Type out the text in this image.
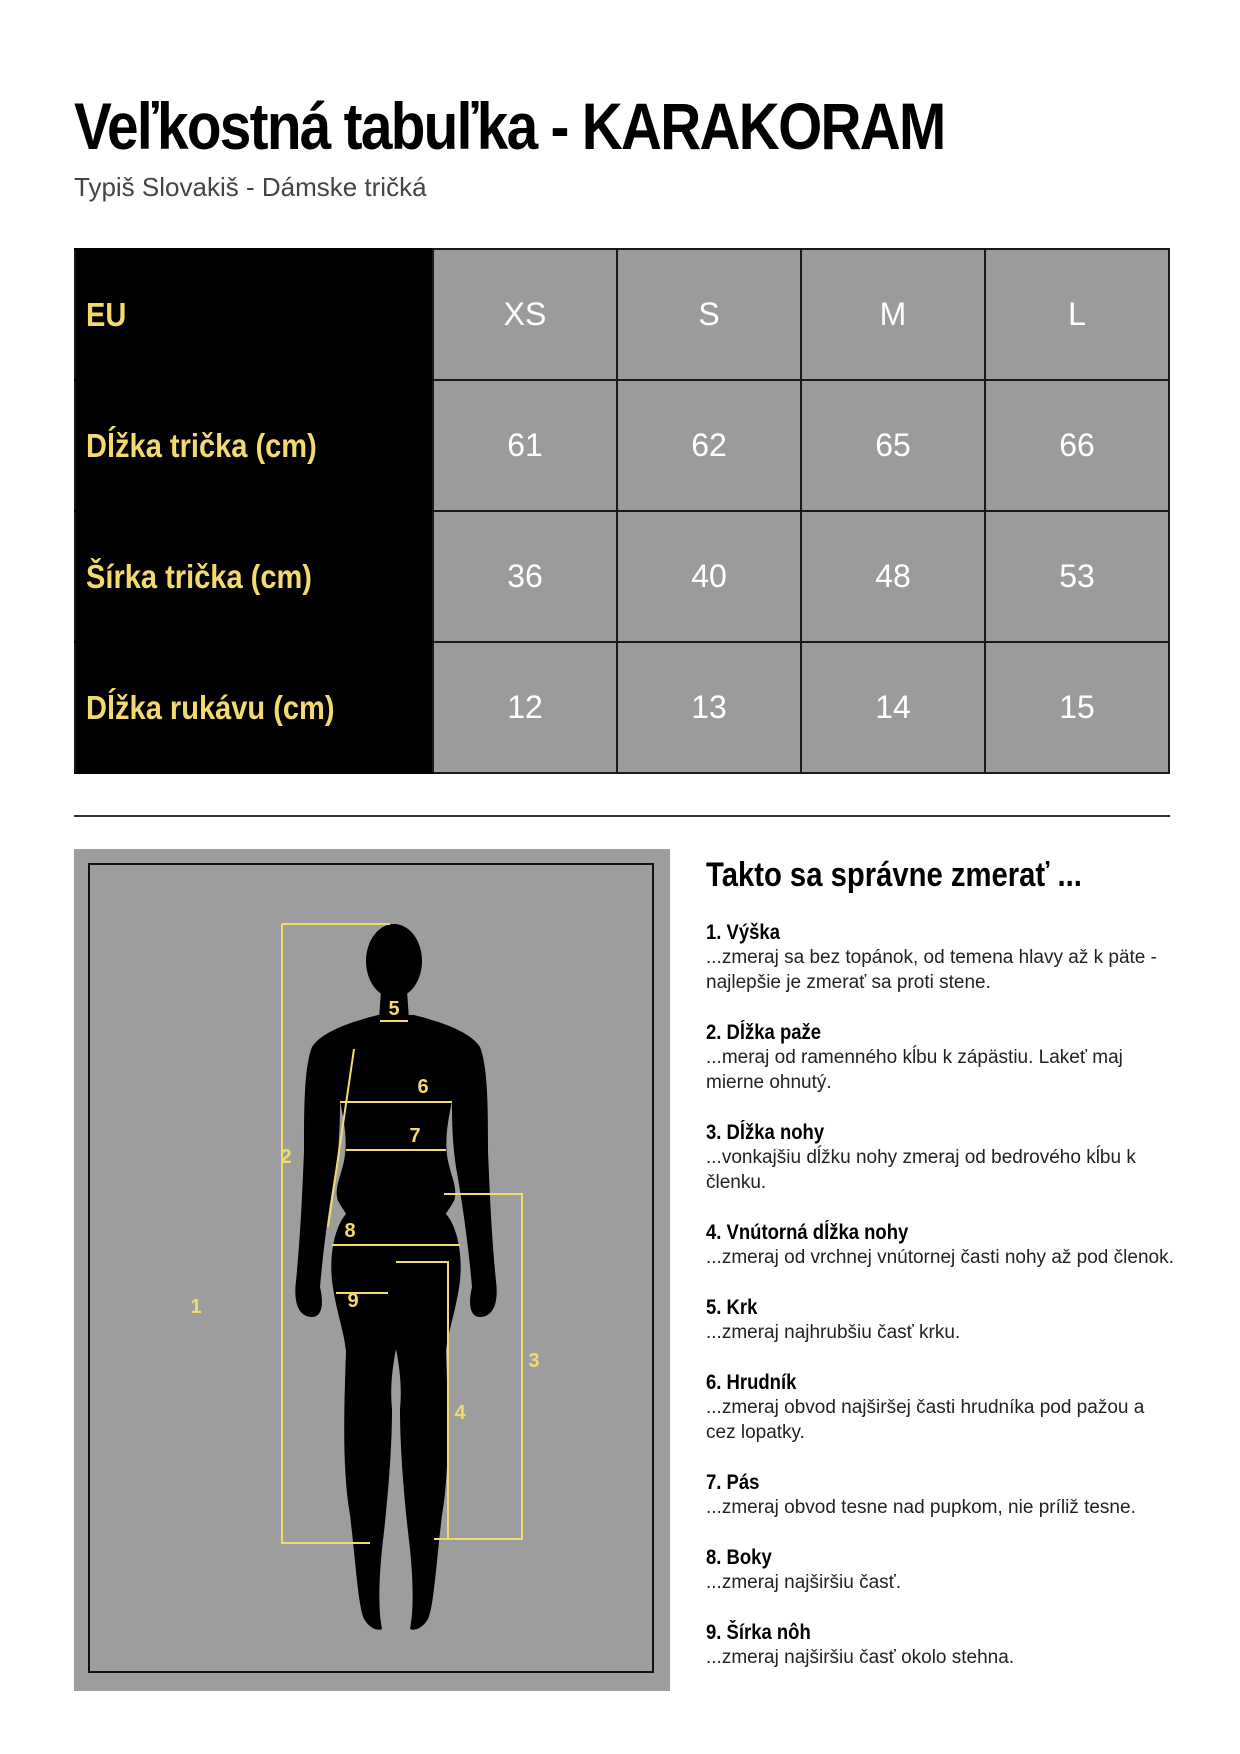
Veľkostná tabuľka - KARAKORAM
Typiš Slovakiš - Dámske tričká
EU	XS	S	M	L
Dĺžka trička (cm)	61	62	65	66
Šírka trička (cm)	36	40	48	53
Dĺžka rukávu (cm)	12	13	14	15
1
2
3
4
5
6
7
8
9
Takto sa správne zmerať ...
1. Výška
...zmeraj sa bez topánok, od temena hlavy až k päte - najlepšie je zmerať sa proti stene.
2. Dĺžka paže
...meraj od ramenného kĺbu k zápästiu. Lakeť maj mierne ohnutý.
3. Dĺžka nohy
...vonkajšiu dĺžku nohy zmeraj od bedrového kĺbu k členku.
4. Vnútorná dĺžka nohy
...zmeraj od vrchnej vnútornej časti nohy až pod členok.
5. Krk
...zmeraj najhrubšiu časť krku.
6. Hrudník
...zmeraj obvod najširšej časti hrudníka pod pažou a cez lopatky.
7. Pás
...zmeraj obvod tesne nad pupkom, nie príliž tesne.
8. Boky
...zmeraj najširšiu časť.
9. Šírka nôh
...zmeraj najširšiu časť okolo stehna.
